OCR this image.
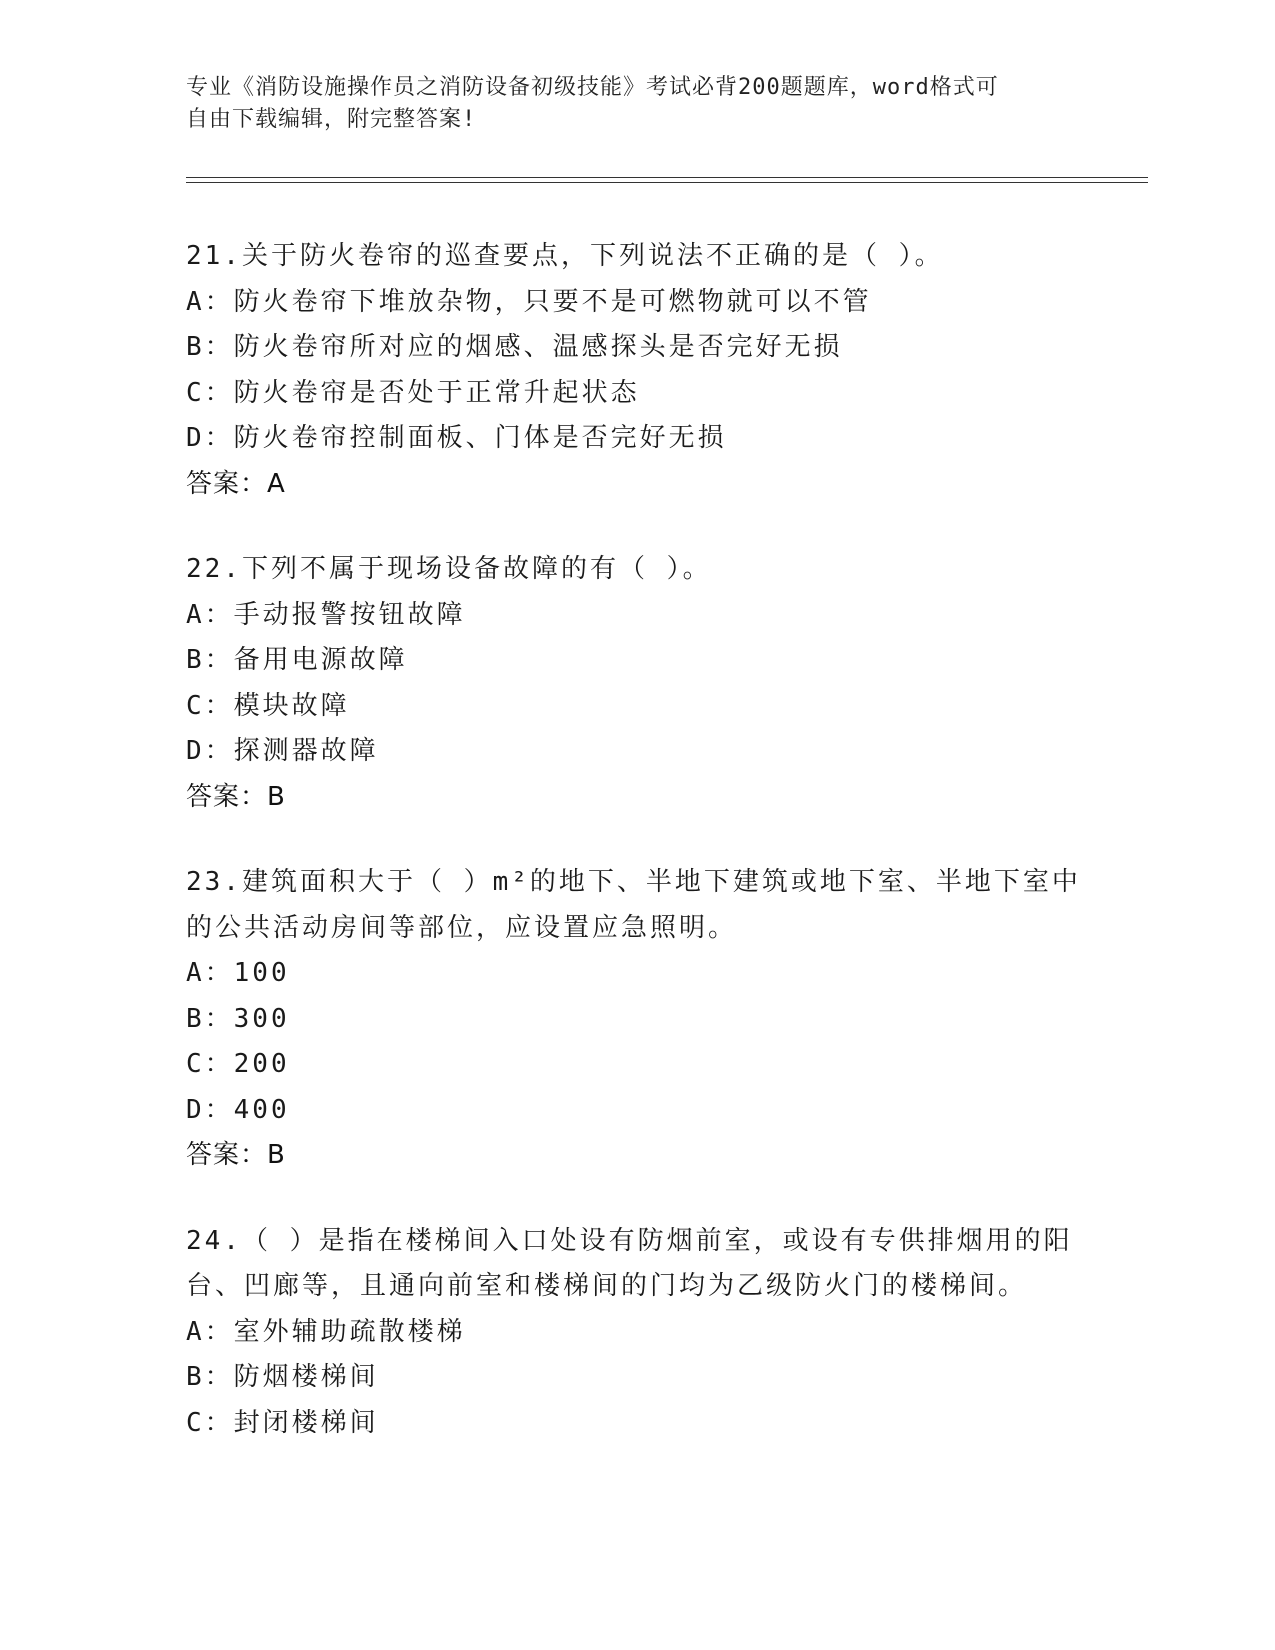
专业《消防设施操作员之消防设备初级技能》考试必背200题题库，word格式可
自由下载编辑，附完整答案!
21.关于防火卷帘的巡查要点，下列说法不正确的是（ ）。
A：防火卷帘下堆放杂物，只要不是可燃物就可以不管
B：防火卷帘所对应的烟感、温感探头是否完好无损
C：防火卷帘是否处于正常升起状态
D：防火卷帘控制面板、门体是否完好无损
答案：A
22.下列不属于现场设备故障的有（ ）。
A：手动报警按钮故障
B：备用电源故障
C：模块故障
D：探测器故障
答案：B
23.建筑面积大于（ ）m²的地下、半地下建筑或地下室、半地下室中
的公共活动房间等部位，应设置应急照明。
A：100
B：300
C：200
D：400
答案：B
24.（ ）是指在楼梯间入口处设有防烟前室，或设有专供排烟用的阳
台、凹廊等，且通向前室和楼梯间的门均为乙级防火门的楼梯间。
A：室外辅助疏散楼梯
B：防烟楼梯间
C：封闭楼梯间
